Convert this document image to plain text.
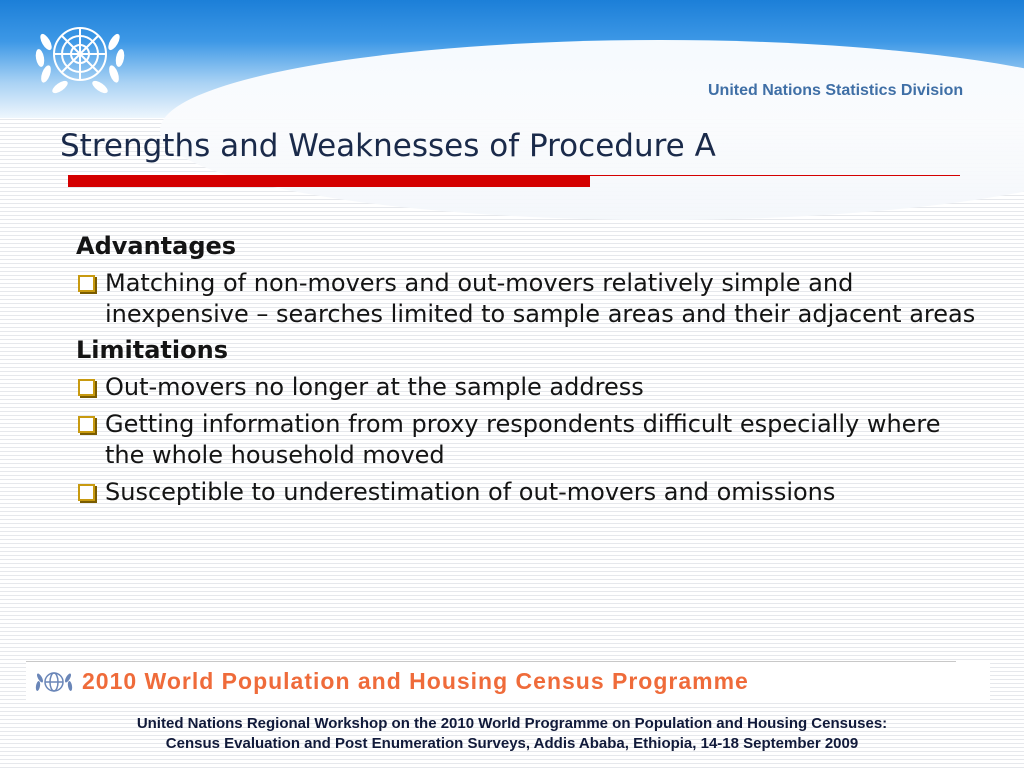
United Nations Statistics Division
Strengths and Weaknesses of Procedure A
Advantages
Matching of non-movers and out-movers relatively simple and inexpensive – searches limited to sample areas and their adjacent areas
Limitations
Out-movers no longer at the sample address
Getting information from proxy respondents difficult especially where the whole household moved
Susceptible to underestimation of out-movers and omissions
2010 World Population and Housing Census Programme
United Nations Regional Workshop on the 2010 World Programme on Population and Housing Censuses:
Census Evaluation and Post Enumeration Surveys, Addis Ababa, Ethiopia, 14-18 September 2009
